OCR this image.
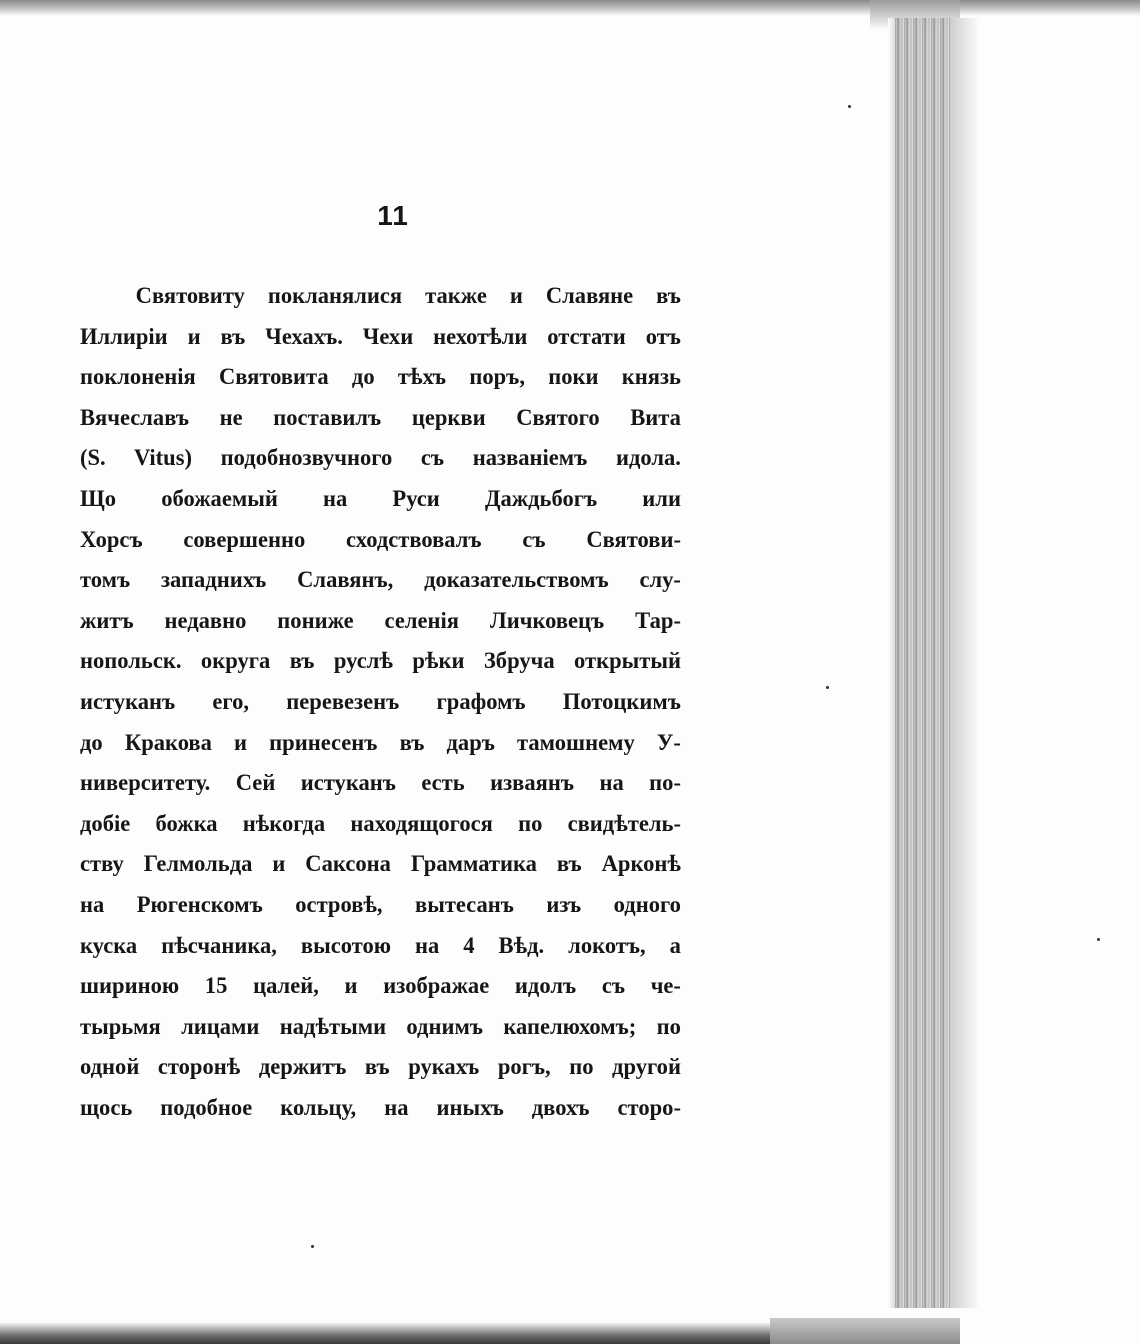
11
Святовиту покланялися также и Славяне въ
Иллиріи и въ Чехахъ. Чехи нехотѣли отстати отъ
поклоненія Святовита до тѣхъ поръ, поки князь
Вячеславъ не поставилъ церкви Святого Вита
(S. Vitus) подобнозвучного съ названіемъ идола.
Що обожаемый на Руси Даждьбогъ или
Хорсъ совершенно сходствовалъ съ Святови-
томъ западнихъ Славянъ, доказательствомъ слу-
житъ недавно пониже селенія Личковецъ Тар-
нопольск. округа въ руслѣ рѣки Збруча открытый
истуканъ его, перевезенъ графомъ Потоцкимъ
до Кракова и принесенъ въ даръ тамошнему У-
ниверситету. Сей истуканъ есть изваянъ на по-
добіе божка нѣкогда находящогося по свидѣтель-
ству Гелмольда и Саксона Грамматика въ Арконѣ
на Рюгенскомъ островѣ, вытесанъ изъ одного
куска пѣсчаника, высотою на 4 Вѣд. локотъ, а
шириною 15 цалей, и изображае идолъ съ че-
тырьмя лицами надѣтыми однимъ капелюхомъ; по
одной сторонѣ держитъ въ рукахъ рогъ, по другой
щось подобное кольцу, на иныхъ двохъ сторо-
